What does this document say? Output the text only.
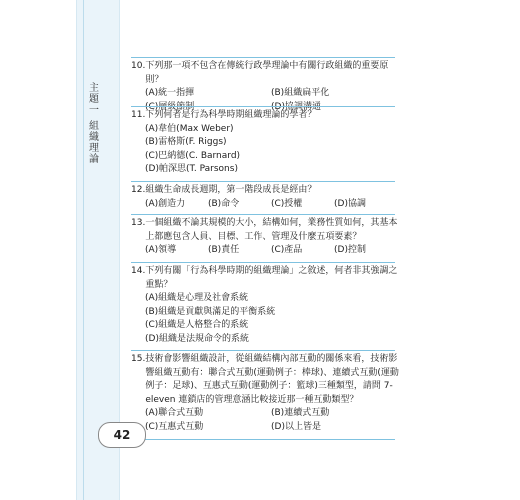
主題一
組織理論
10. 下列那一項不包含在傳統行政學理論中有關行政組織的重要原則？
(A)統一指揮	(B)組織扁平化
11. 下列何者是行為科學時期組織理論的學者？
(A)韋伯(Max Weber)
(B)雷格斯(F. Riggs)
(C)巴納德(C. Barnard)
(D)帕深思(T. Parsons)
12. 組織生命成長週期，第一階段成長是經由？
(A)創造力	(B)命令	(C)授權	(D)協調
13. 一個組織不論其規模的大小，結構如何，業務性質如何，其基本上都應包含人員、目標、工作、管理及什麼五項要素？
(A)領導	(B)責任	(C)產品	(D)控制
14. 下列有關「行為科學時期的組織理論」之敘述，何者非其強調之重點？
(A)組織是心理及社會系統
(B)組織是貢獻與滿足的平衡系統
(C)組織是人格整合的系統
(D)組織是法規命令的系統
15. 技術會影響組織設計，從組織結構內部互動的關係來看，技術影響組織互動有：聯合式互動(運動例子：棒球)、連續式互動(運動例子：足球)、互惠式互動(運動例子：籃球)三種類型，請問 7-eleven 連鎖店的管理意涵比較接近那一種互動類型？
(A)聯合式互動	(B)連續式互動
(C)互惠式互動	(D)以上皆是
42
